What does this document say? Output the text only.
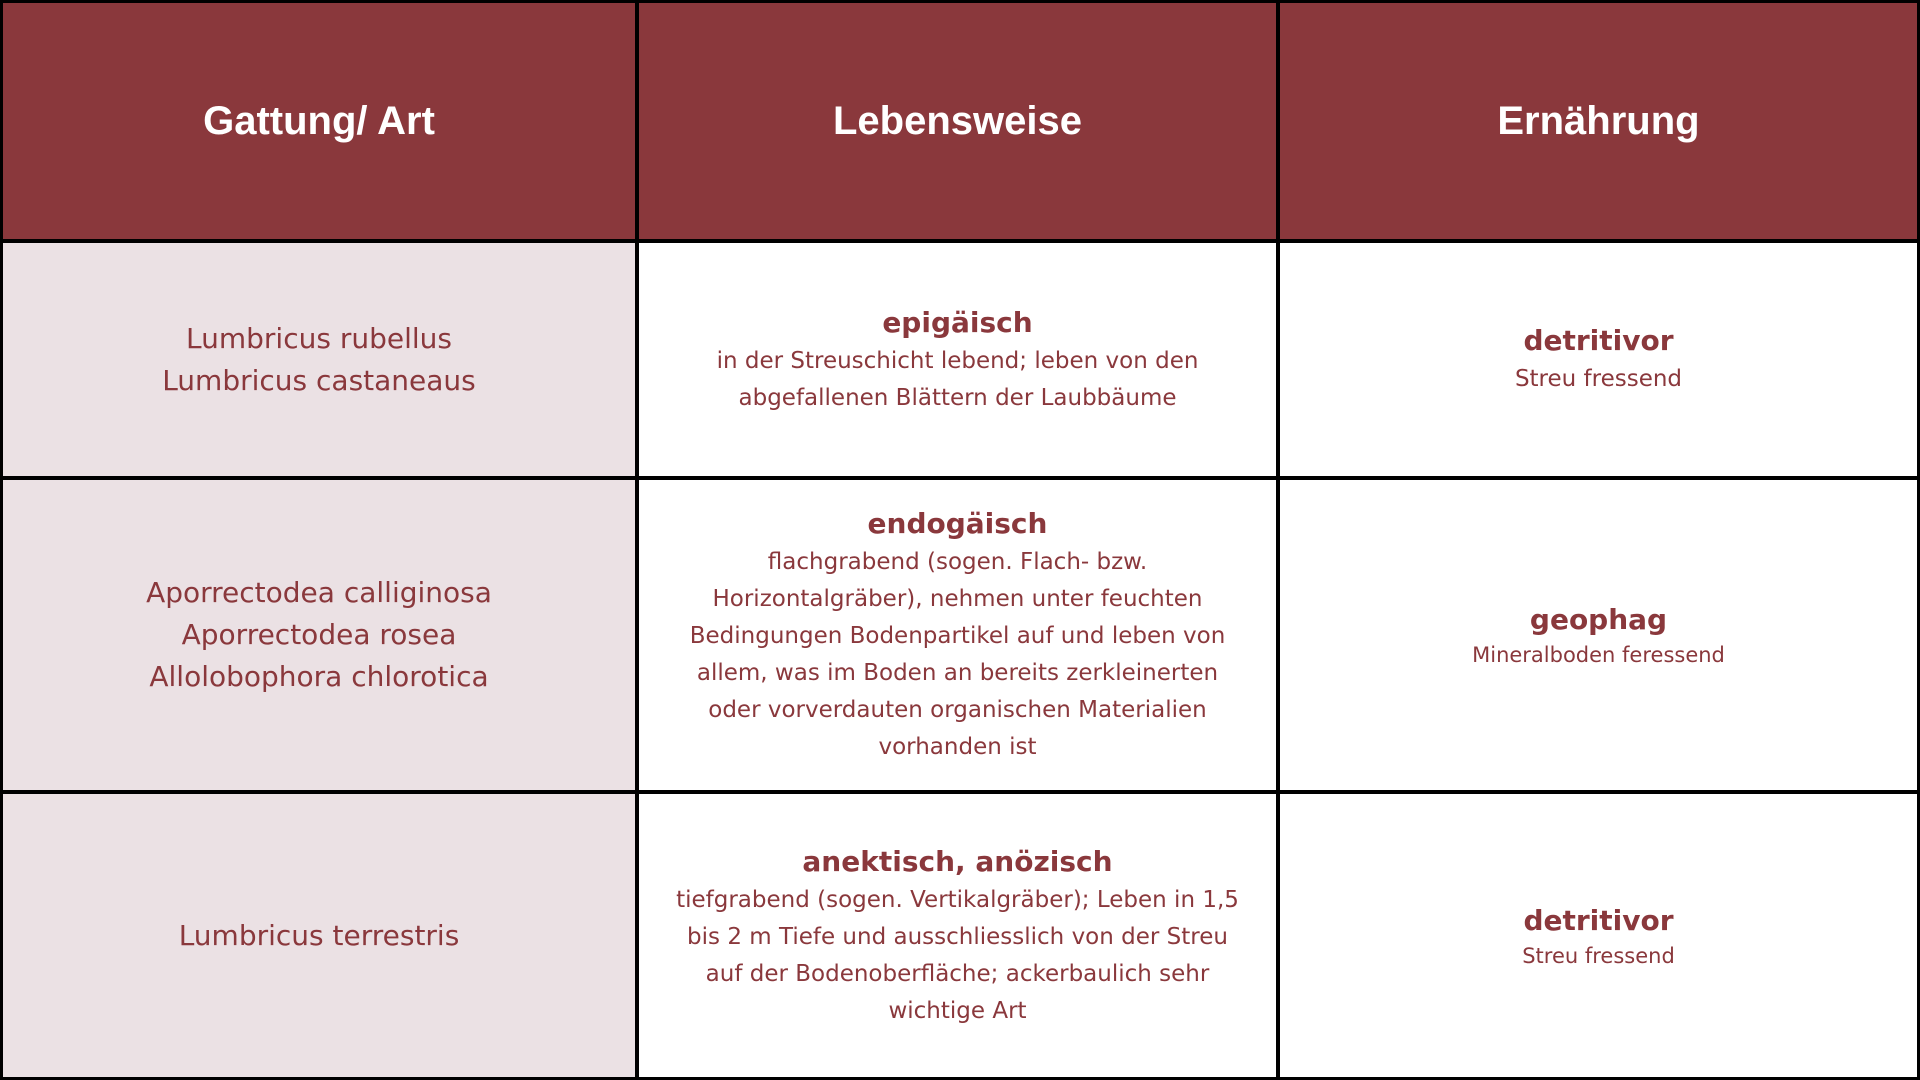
Gattung/ Art	Lebensweise	Ernährung
Lumbricus rubellus
Lumbricus castaneaus
epigäisch
in der Streuschicht lebend; leben von den
abgefallenen Blättern der Laubbäume
detritivor
Streu fressend
Aporrectodea calliginosa
Aporrectodea rosea
Allolobophora chlorotica
endogäisch
flachgrabend (sogen. Flach- bzw.
Horizontalgräber), nehmen unter feuchten
Bedingungen Bodenpartikel auf und leben von
allem, was im Boden an bereits zerkleinerten
oder vorverdauten organischen Materialien
vorhanden ist
geophag
Mineralboden feressend
Lumbricus terrestris
anektisch, anözisch
tiefgrabend (sogen. Vertikalgräber); Leben in 1,5
bis 2 m Tiefe und ausschliesslich von der Streu
auf der Bodenoberfläche; ackerbaulich sehr
wichtige Art
detritivor
Streu fressend
